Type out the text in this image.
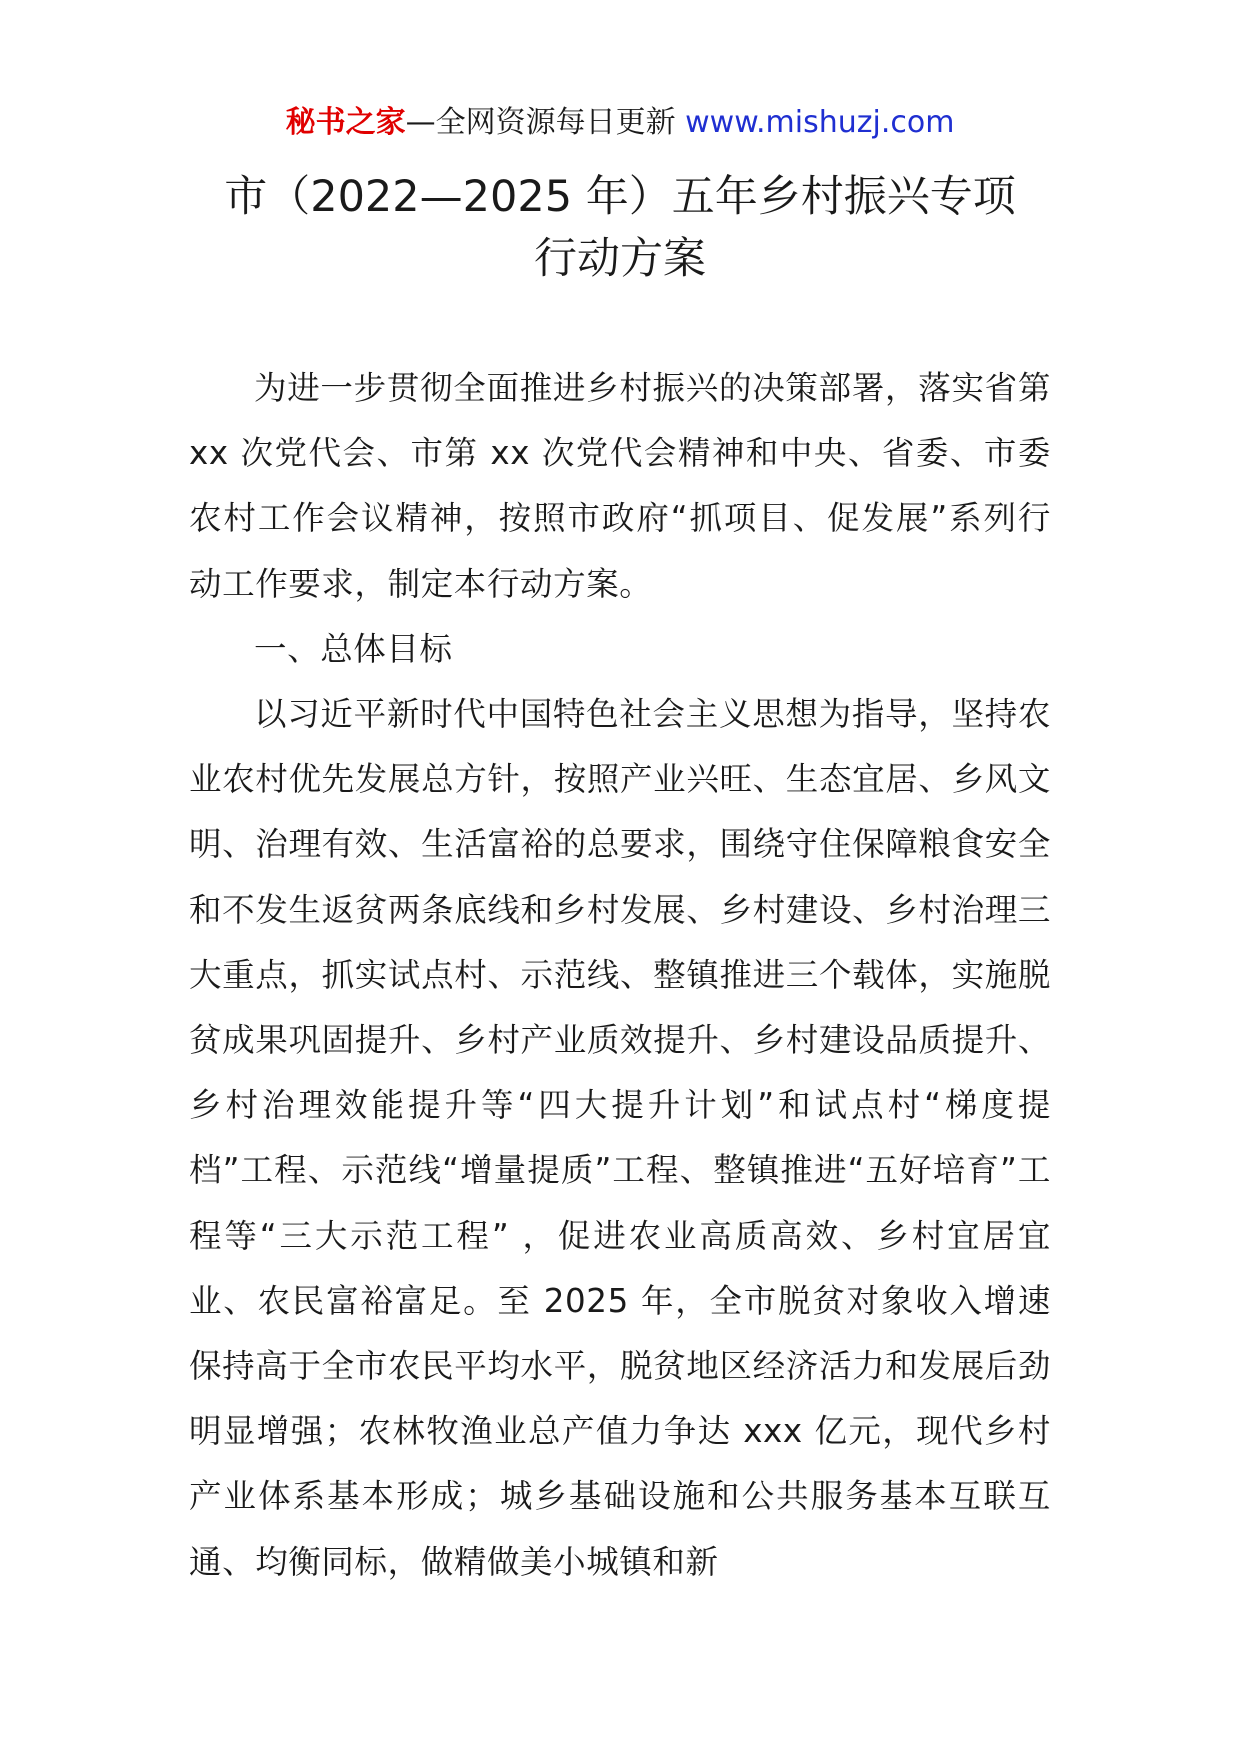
秘书之家—全网资源每日更新 www.mishuzj.com
市（2022—2025 年）五年乡村振兴专项
行动方案

为进一步贯彻全面推进乡村振兴的决策部署，落实省第 xx 次党代会、市第 xx 次党代会精神和中央、省委、市委农村工作会议精神，按照市政府“抓项目、促发展”系列行动工作要求，制定本行动方案。

一、总体目标

以习近平新时代中国特色社会主义思想为指导，坚持农业农村优先发展总方针，按照产业兴旺、生态宜居、乡风文明、治理有效、生活富裕的总要求，围绕守住保障粮食安全和不发生返贫两条底线和乡村发展、乡村建设、乡村治理三大重点，抓实试点村、示范线、整镇推进三个载体，实施脱贫成果巩固提升、乡村产业质效提升、乡村建设品质提升、乡村治理效能提升等“四大提升计划”和试点村“梯度提档”工程、示范线“增量提质”工程、整镇推进“五好培育”工程等“三大示范工程” ，促进农业高质高效、乡村宜居宜业、农民富裕富足。至 2025 年，全市脱贫对象收入增速保持高于全市农民平均水平，脱贫地区经济活力和发展后劲明显增强；农林牧渔业总产值力争达 xxx 亿元，现代乡村产业体系基本形成；城乡基础设施和公共服务基本互联互通、均衡同标，做精做美小城镇和新
